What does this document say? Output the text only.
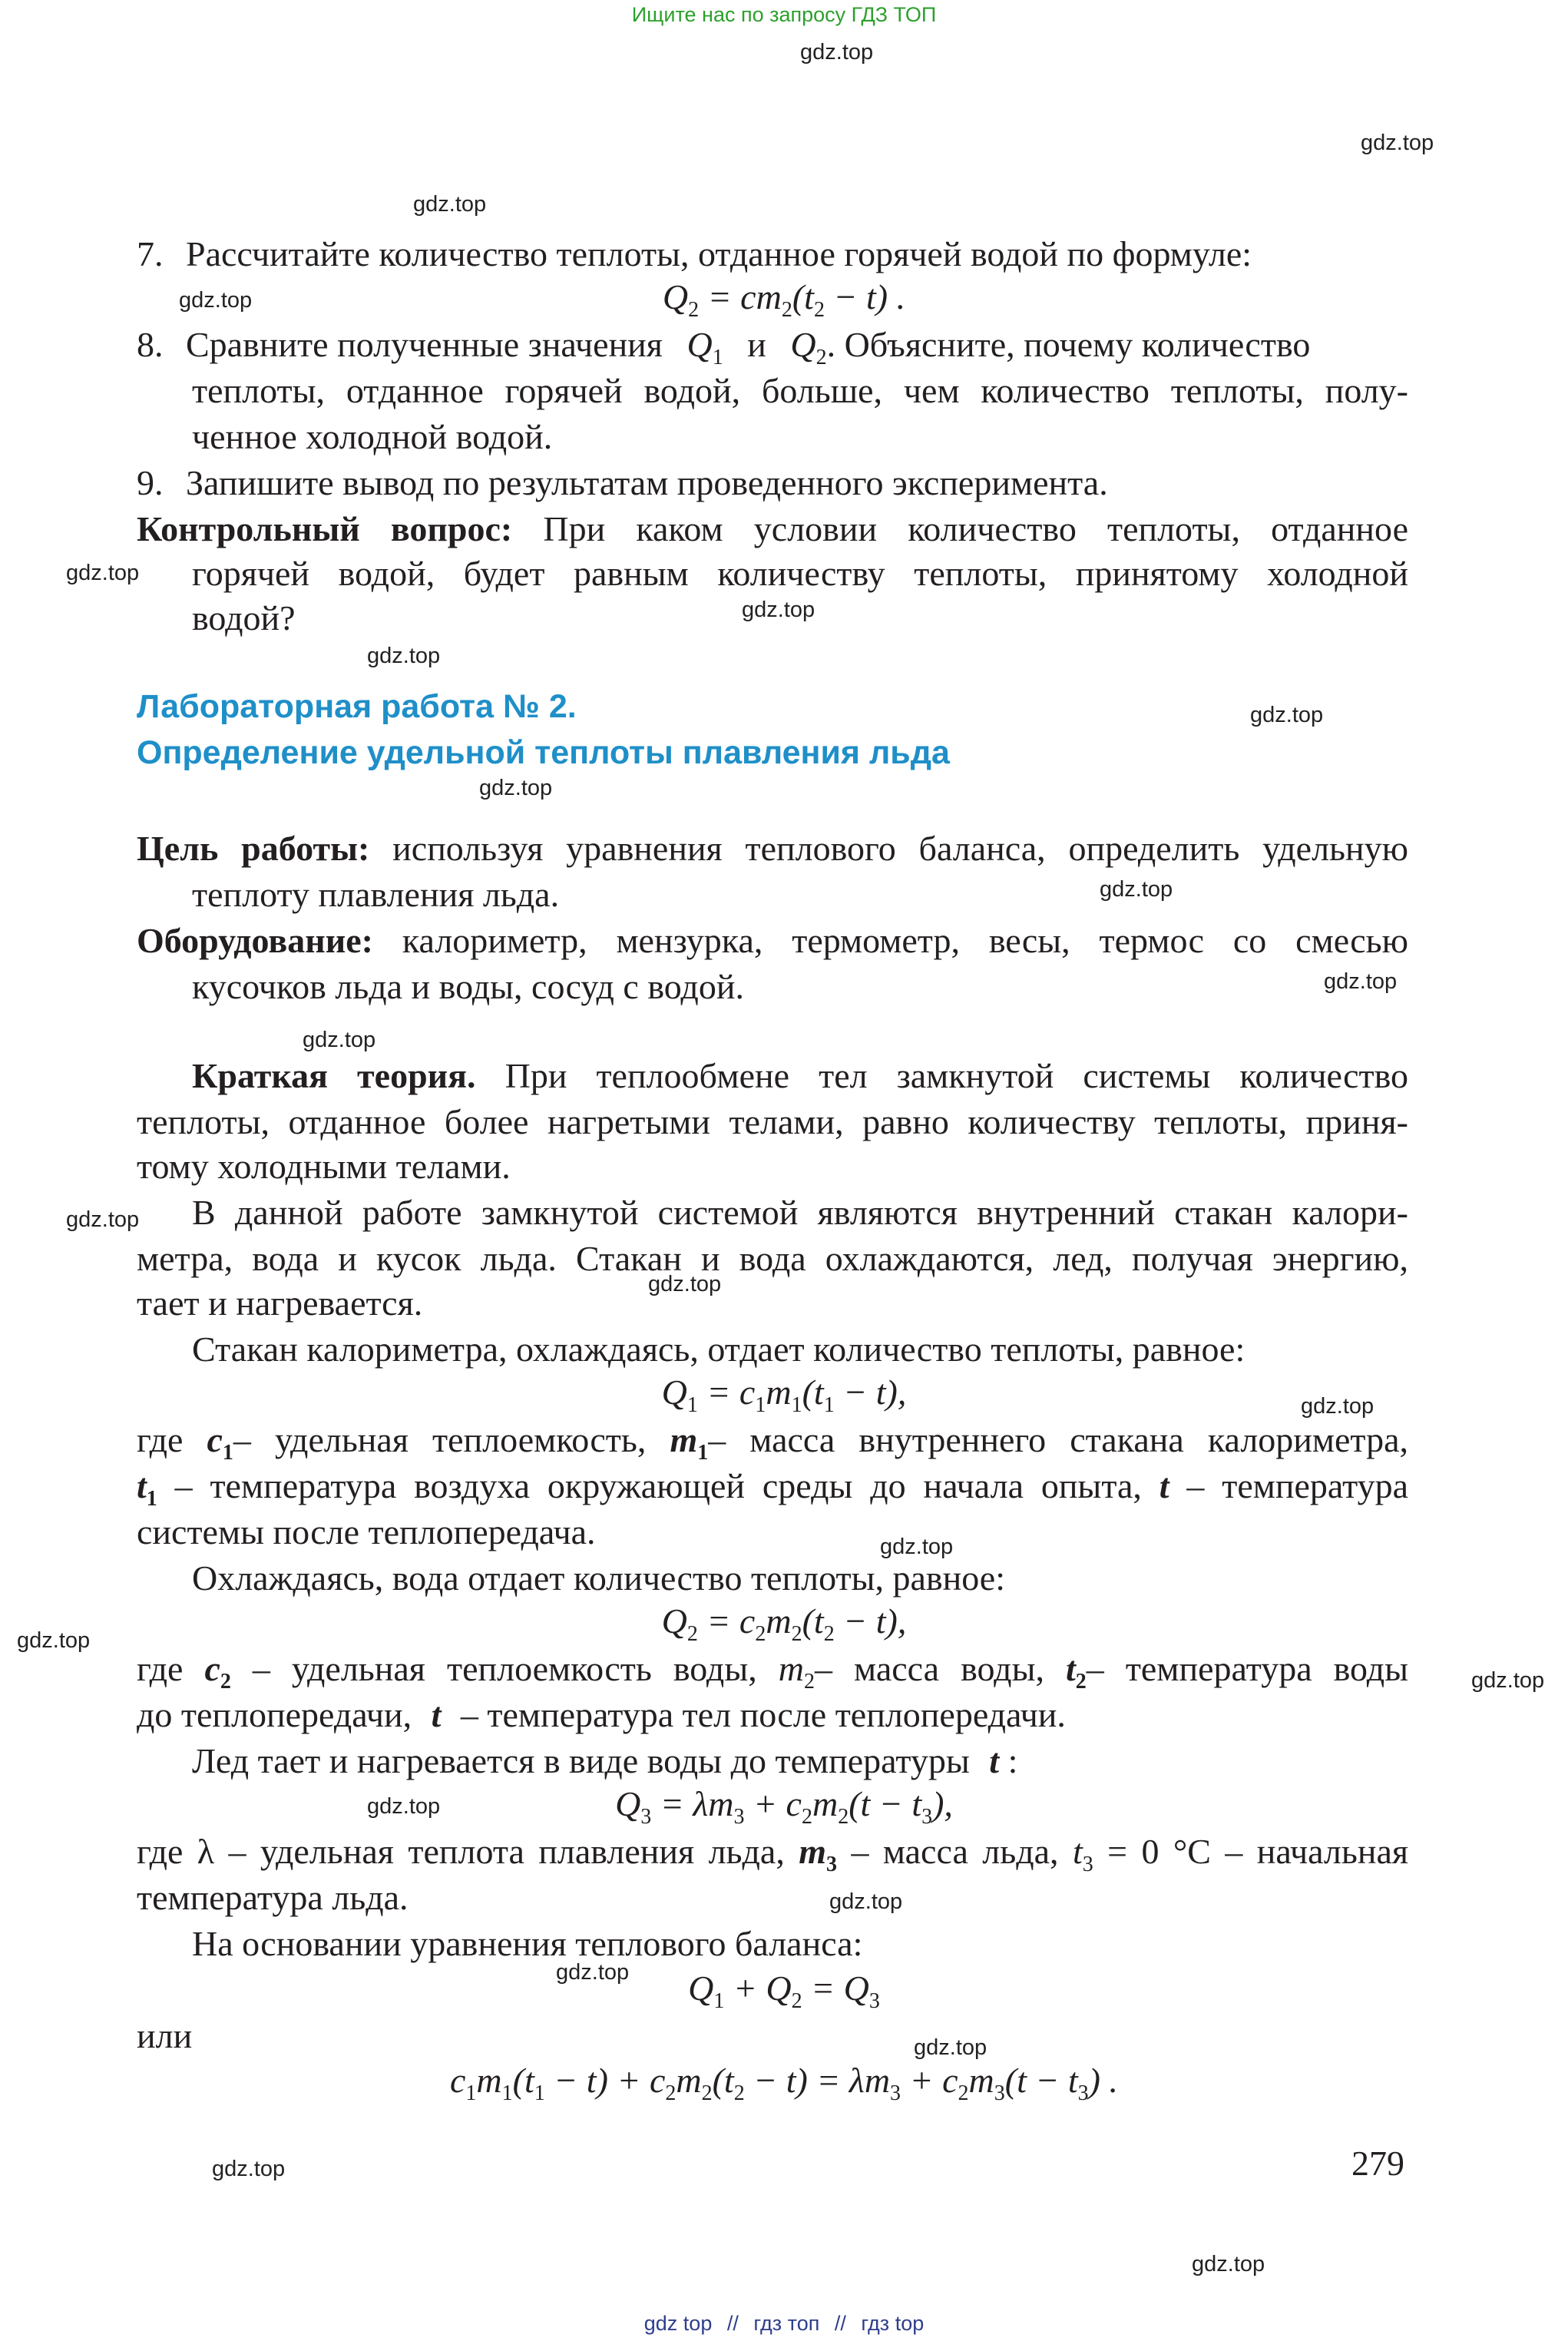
Ищите нас по запросу ГДЗ ТОП
gdz.top
gdz.top
gdz.top
gdz.top
gdz.top
gdz.top
gdz.top
gdz.top
gdz.top
gdz.top
gdz.top
gdz.top
gdz.top
gdz.top
gdz.top
gdz.top
gdz.top
gdz.top
gdz.top
gdz.top
gdz.top
gdz.top
gdz.top
gdz.top
7. Рассчитайте количество теплоты, отданное горячей водой по формуле:
$Q_2 = cm_2(t_2 - t)$ .
8. Сравните полученные значения $Q_1$ и $Q_2$. Объясните, почему количество
теплоты, отданное горячей водой, больше, чем количество теплоты, полу-
ченное холодной водой.
9. Запишите вывод по результатам проведенного эксперимента.
Контрольный вопрос: При каком условии количество теплоты, отданное
горячей водой, будет равным количеству теплоты, принятому холодной
водой?
Лабораторная работа № 2.
Определение удельной теплоты плавления льда
Цель работы: используя уравнения теплового баланса, определить удельную
теплоту плавления льда.
Оборудование: калориметр, мензурка, термометр, весы, термос со смесью
кусочков льда и воды, сосуд с водой.
Краткая теория. При теплообмене тел замкнутой системы количество
теплоты, отданное более нагретыми телами, равно количеству теплоты, приня-
тому холодными телами.
В данной работе замкнутой системой являются внутренний стакан калори-
метра, вода и кусок льда. Стакан и вода охлаждаются, лед, получая энергию,
тает и нагревается.
Стакан калориметра, охлаждаясь, отдает количество теплоты, равное:
$Q_1 = c_1m_1(t_1 - t)$,
где $c_1-$ удельная теплоемкость, $m_1-$ масса внутреннего стакана калориметра,
$t_1$ – температура воздуха окружающей среды до начала опыта, t – температура
системы после теплопередача.
Охлаждаясь, вода отдает количество теплоты, равное:
$Q_2 = c_2m_2(t_2 - t)$,
где $c_2$ – удельная теплоемкость воды, $m_2-$ масса воды, $t_2-$ температура воды
до теплопередачи, t – температура тел после теплопередачи.
Лед тает и нагревается в виде воды до температуры t :
$Q_3 = \lambda m_3 + c_2m_2(t - t_3)$,
где λ – удельная теплота плавления льда, $m_3$ – масса льда, $t_3 = 0$ °С – начальная
температура льда.
На основании уравнения теплового баланса:
$Q_1 + Q_2 = Q_3$
или
$c_1m_1(t_1 - t) + c_2m_2(t_2 - t) = \lambda m_3 + c_2m_3(t - t_3)$ .
279
gdz top // гдз топ // гдз top
